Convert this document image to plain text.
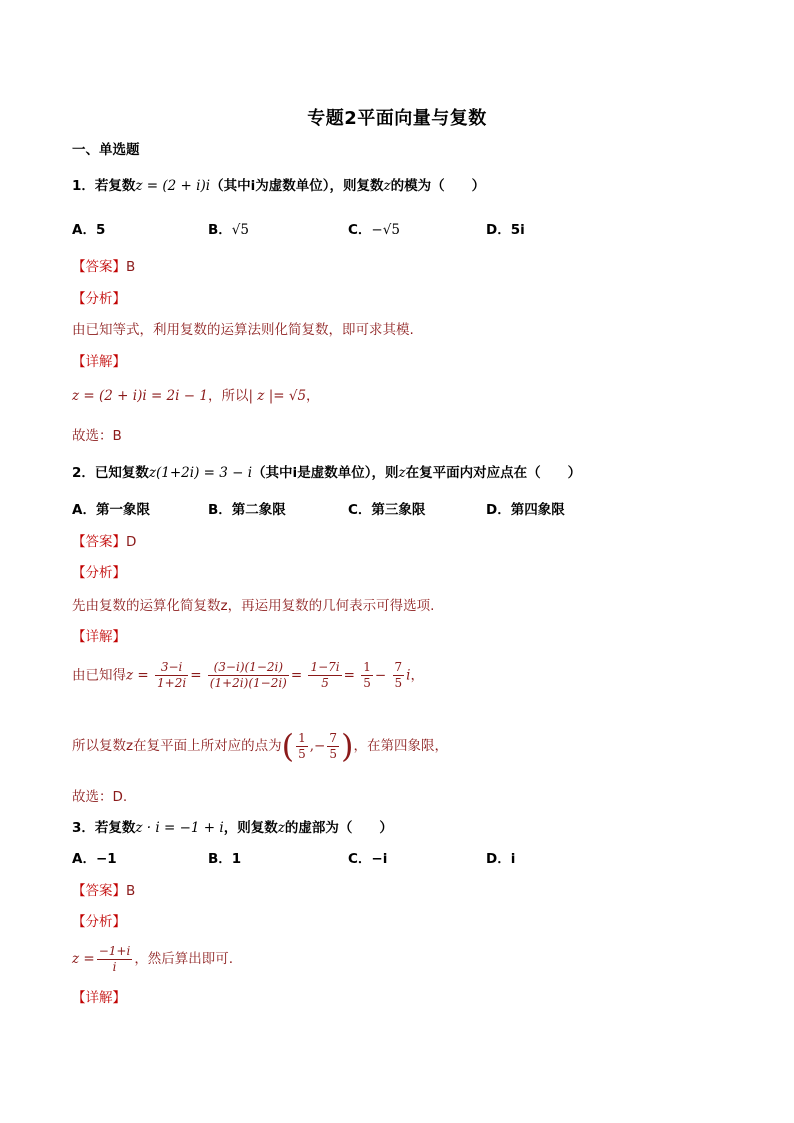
专题2平面向量与复数
一、单选题
1．若复数z = (2 + i)i（其中i为虚数单位），则复数z的模为（　　）
A．5	B．√5	C．−√5	D．5i
【答案】B
【分析】
由已知等式，利用复数的运算法则化简复数，即可求其模.
【详解】
z = (2 + i)i = 2i − 1，所以| z |= √5，
故选：B
2．已知复数z(1+2i) = 3 − i（其中i是虚数单位），则z在复平面内对应点在（　　）
A．第一象限	B．第二象限	C．第三象限	D．第四象限
【答案】D
【分析】
先由复数的运算化简复数z，再运用复数的几何表示可得选项.
【详解】
由已知得$z = \frac{3-i}{1+2i} = \frac{(3-i)(1-2i)}{(1+2i)(1-2i)} = \frac{1-7i}{5} = \frac{1}{5} - \frac{7}{5}$ i，
所以复数z在复平面上所对应的点为( $\frac{1}{5}$ ,− $\frac{7}{5}$ )，在第四象限，
故选：D.
3．若复数z · i = −1 + i，则复数z的虚部为（　　）
A．−1	B．1	C．−i	D．i
【答案】B
【分析】
$z = \frac{-1+i}{i}$ ，然后算出即可.
【详解】
